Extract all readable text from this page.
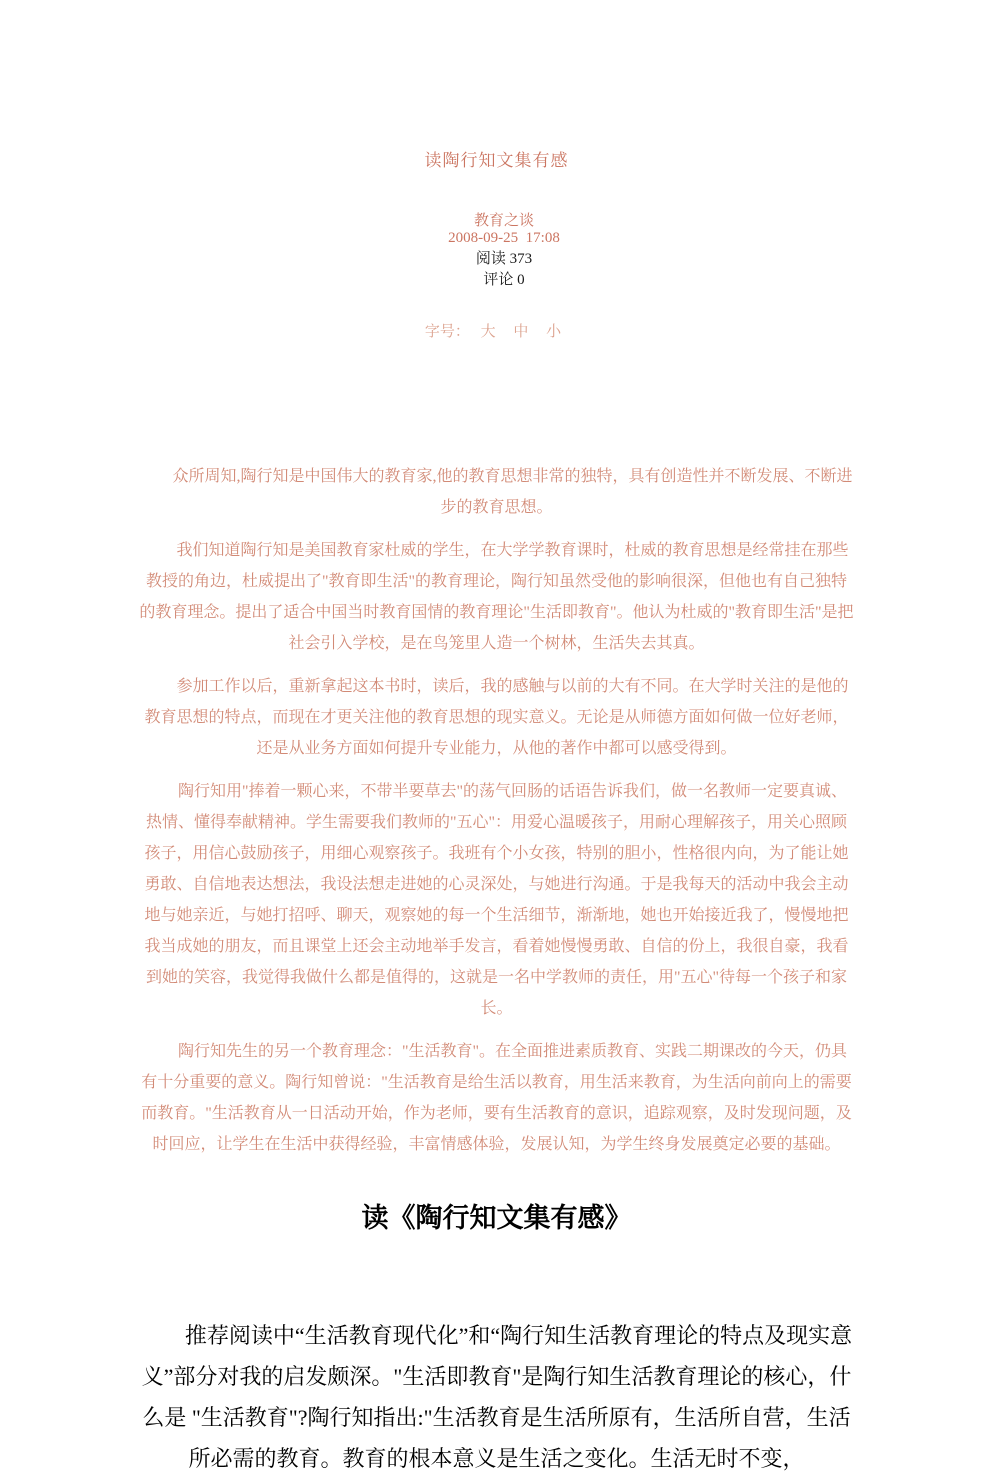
读陶行知文集有感

教育之谈
2008-09-25  17:08
阅读 373
评论 0

字号： 大 中 小

　　众所周知,陶行知是中国伟大的教育家,他的教育思想非常的独特，具有创造性并不断发展、不断进步的教育思想。

　　我们知道陶行知是美国教育家杜威的学生，在大学学教育课时，杜威的教育思想是经常挂在那些教授的角边，杜威提出了"教育即生活"的教育理论，陶行知虽然受他的影响很深，但他也有自己独特的教育理念。提出了适合中国当时教育国情的教育理论"生活即教育"。他认为杜威的"教育即生活"是把社会引入学校，是在鸟笼里人造一个树林，生活失去其真。

　　参加工作以后，重新拿起这本书时，读后，我的感触与以前的大有不同。在大学时关注的是他的教育思想的特点，而现在才更关注他的教育思想的现实意义。无论是从师德方面如何做一位好老师，还是从业务方面如何提升专业能力，从他的著作中都可以感受得到。

　　陶行知用"捧着一颗心来，不带半要草去"的荡气回肠的话语告诉我们，做一名教师一定要真诚、热情、懂得奉献精神。学生需要我们教师的"五心"：用爱心温暖孩子，用耐心理解孩子，用关心照顾孩子，用信心鼓励孩子，用细心观察孩子。我班有个小女孩，特别的胆小，性格很内向，为了能让她勇敢、自信地表达想法，我设法想走进她的心灵深处，与她进行沟通。于是我每天的活动中我会主动地与她亲近，与她打招呼、聊天，观察她的每一个生活细节，渐渐地，她也开始接近我了，慢慢地把我当成她的朋友，而且课堂上还会主动地举手发言，看着她慢慢勇敢、自信的份上，我很自豪，我看到她的笑容，我觉得我做什么都是值得的，这就是一名中学教师的责任，用"五心"待每一个孩子和家长。

　　陶行知先生的另一个教育理念："生活教育"。在全面推进素质教育、实践二期课改的今天，仍具有十分重要的意义。陶行知曾说："生活教育是给生活以教育，用生活来教育，为生活向前向上的需要而教育。"生活教育从一日活动开始，作为老师，要有生活教育的意识，追踪观察，及时发现问题，及时回应，让学生在生活中获得经验，丰富情感体验，发展认知，为学生终身发展奠定必要的基础。

读《陶行知文集有感》

　　推荐阅读中“生活教育现代化”和“陶行知生活教育理论的特点及现实意义”部分对我的启发颇深。"生活即教育"是陶行知生活教育理论的核心，什么是 "生活教育"?陶行知指出:"生活教育是生活所原有，生活所自营，生活所必需的教育。教育的根本意义是生活之变化。生活无时不变，
